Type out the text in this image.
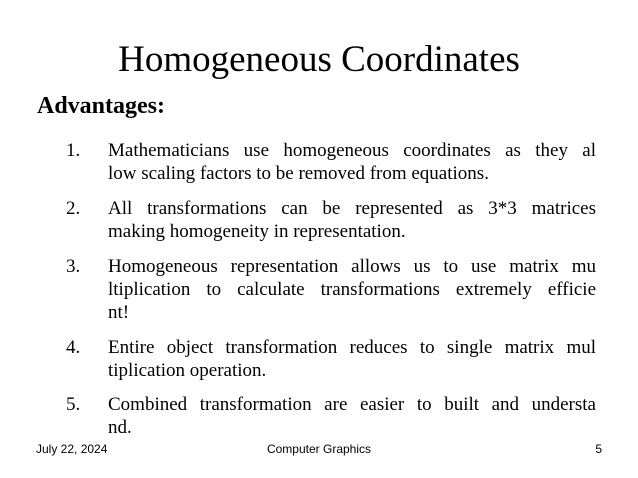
Homogeneous Coordinates
Advantages:
1. Mathematicians use homogeneous coordinates as they al
low scaling factors to be removed from equations.
2. All transformations can be represented as 3*3 matrices
making homogeneity in representation.
3. Homogeneous representation allows us to use matrix mu
ltiplication to calculate transformations extremely efficie
nt!
4. Entire object transformation reduces to single matrix mul
tiplication operation.
5. Combined transformation are easier to built and understa
nd.
July 22, 2024	Computer Graphics	5
